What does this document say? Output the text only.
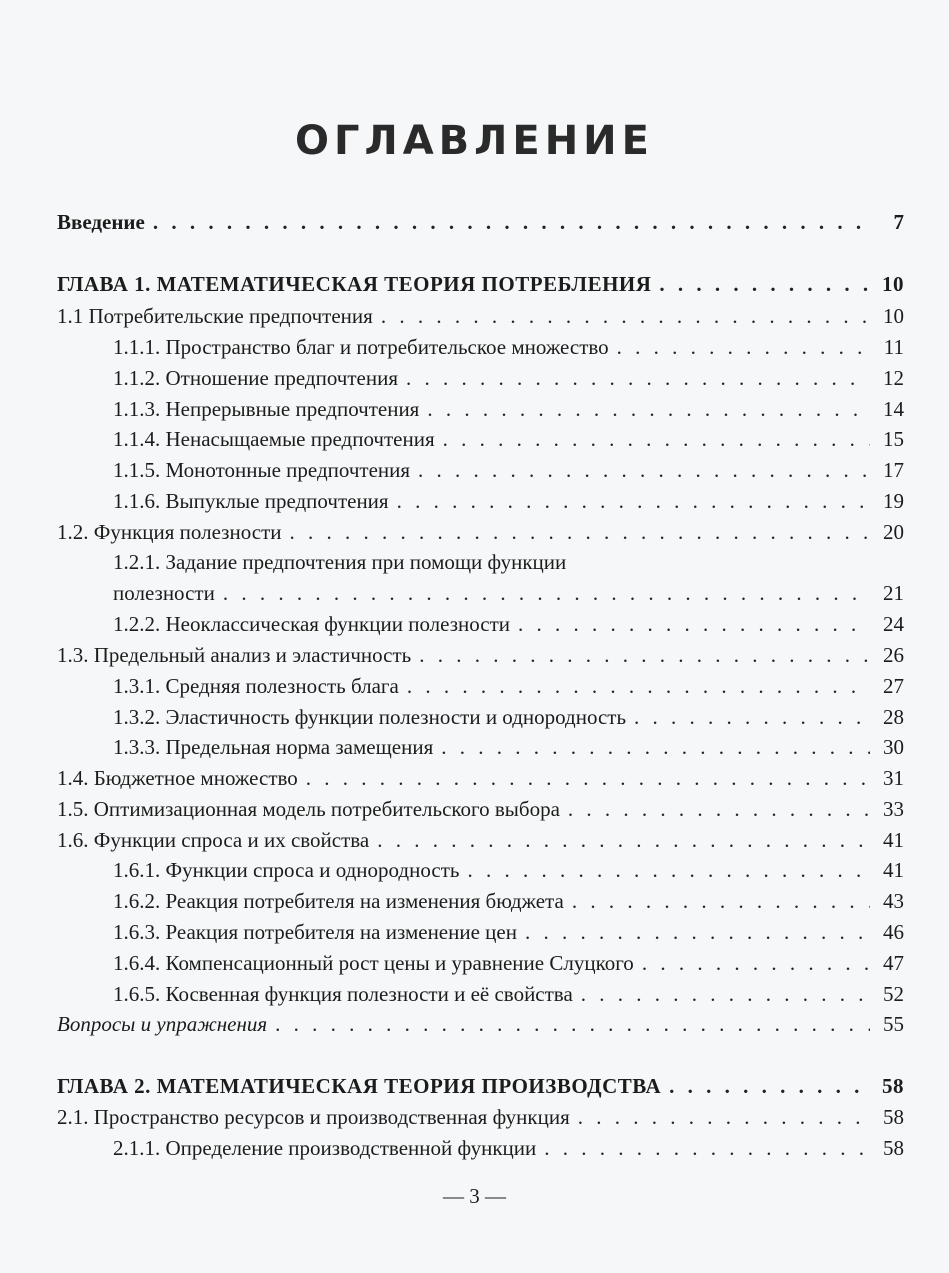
ОГЛАВЛЕНИЕ
Введение . . .	7
ГЛАВА 1. МАТЕМАТИЧЕСКАЯ ТЕОРИЯ ПОТРЕБЛЕНИЯ . . .	10
1.1 Потребительские предпочтения . . .	10
1.1.1. Пространство благ и потребительское множество . . .	11
1.1.2. Отношение предпочтения . . .	12
1.1.3. Непрерывные предпочтения . . .	14
1.1.4. Ненасыщаемые предпочтения . . .	15
1.1.5. Монотонные предпочтения . . .	17
1.1.6. Выпуклые предпочтения . . .	19
1.2. Функция полезности . . .	20
1.2.1. Задание предпочтения при помощи функции
полезности . . .	21
1.2.2. Неоклассическая функции полезности . . .	24
1.3. Предельный анализ и эластичность . . .	26
1.3.1. Средняя полезность блага . . .	27
1.3.2. Эластичность функции полезности и однородность . . .	28
1.3.3. Предельная норма замещения . . .	30
1.4. Бюджетное множество . . .	31
1.5. Оптимизационная модель потребительского выбора . . .	33
1.6. Функции спроса и их свойства . . .	41
1.6.1. Функции спроса и однородность . . .	41
1.6.2. Реакция потребителя на изменения бюджета . . .	43
1.6.3. Реакция потребителя на изменение цен . . .	46
1.6.4. Компенсационный рост цены и уравнение Слуцкого . . .	47
1.6.5. Косвенная функция полезности и её свойства . . .	52
Вопросы и упражнения . . .	55
ГЛАВА 2. МАТЕМАТИЧЕСКАЯ ТЕОРИЯ ПРОИЗВОДСТВА . . .	58
2.1. Пространство ресурсов и производственная функция . . .	58
2.1.1. Определение производственной функции . . .	58
— 3 —
